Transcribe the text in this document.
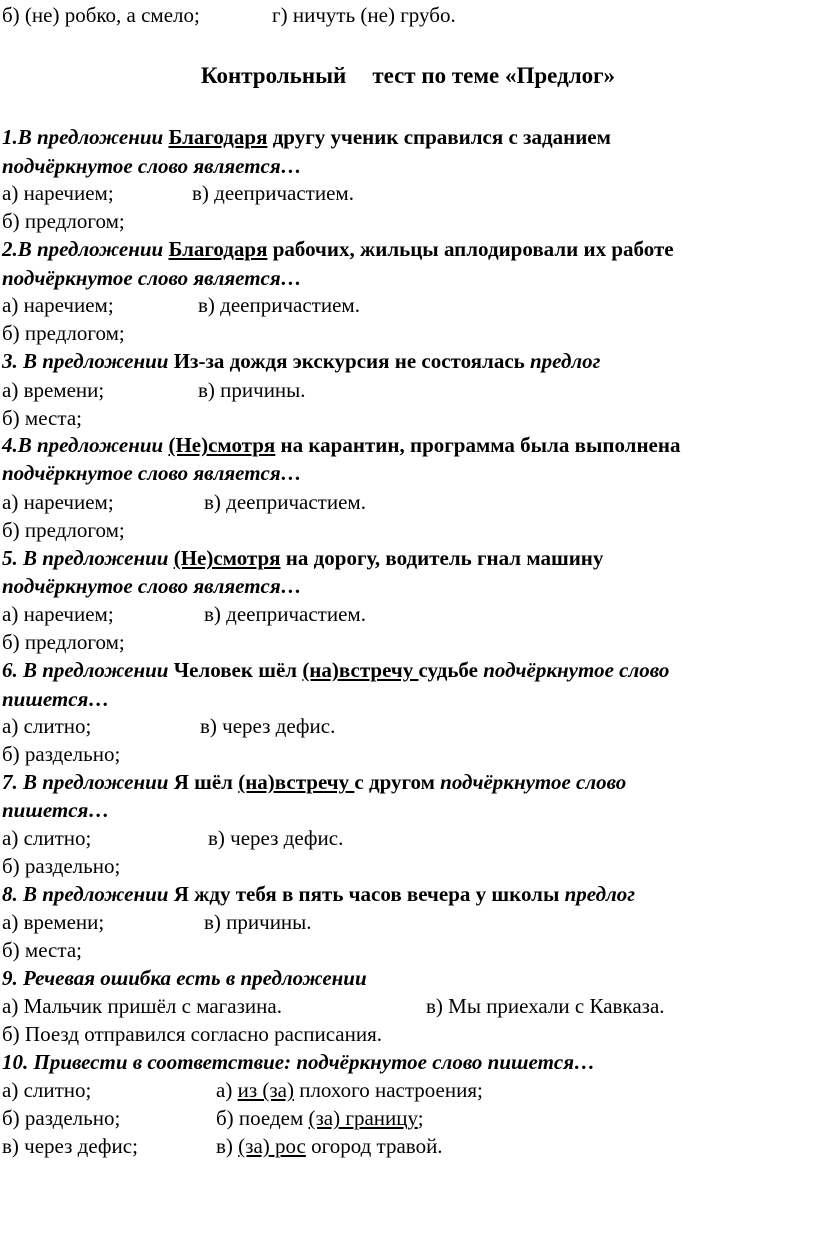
б) (не) робко, а смело;	г) ничуть (не) грубо.
Контрольный тест по теме «Предлог»
1.В предложении Благодаря другу ученик справился с заданием
подчёркнутое слово является…
а) наречием;	в) деепричастием.
б) предлогом;
2.В предложении Благодаря рабочих, жильцы аплодировали их работе
подчёркнутое слово является…
а) наречием;	в) деепричастием.
б) предлогом;
3. В предложении Из-за дождя экскурсия не состоялась предлог
а) времени;	в) причины.
б) места;
4.В предложении (Не)смотря на карантин, программа была выполнена
подчёркнутое слово является…
а) наречием;	в) деепричастием.
б) предлогом;
5. В предложении (Не)смотря на дорогу, водитель гнал машину
подчёркнутое слово является…
а) наречием;	в) деепричастием.
б) предлогом;
6. В предложении Человек шёл (на)встречу судьбе подчёркнутое слово
пишется…
а) слитно;	в) через дефис.
б) раздельно;
7. В предложении Я шёл (на)встречу с другом подчёркнутое слово
пишется…
а) слитно;	в) через дефис.
б) раздельно;
8. В предложении Я жду тебя в пять часов вечера у школы предлог
а) времени;	в) причины.
б) места;
9. Речевая ошибка есть в предложении
а) Мальчик пришёл с магазина.	в) Мы приехали с Кавказа.
б) Поезд отправился согласно расписания.
10. Привести в соответствие: подчёркнутое слово пишется…
а) слитно;	а) из (за) плохого настроения;
б) раздельно;	б) поедем (за) границу;
в) через дефис;	в) (за) рос огород травой.
